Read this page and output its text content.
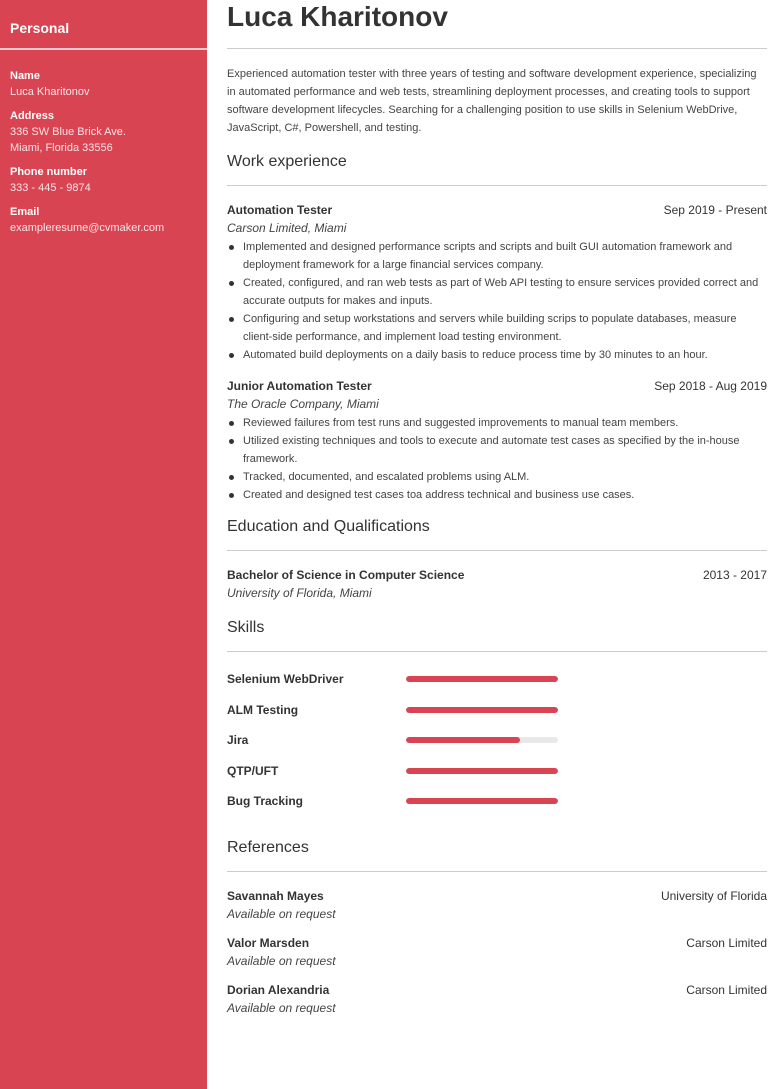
Personal
Name
Luca Kharitonov
Address
336 SW Blue Brick Ave.
Miami, Florida 33556
Phone number
333 - 445 - 9874
Email
exampleresume@cvmaker.com
Luca Kharitonov

Experienced automation tester with three years of testing and software development experience, specializing in automated performance and web tests, streamlining deployment processes, and creating tools to support software development lifecycles. Searching for a challenging position to use skills in Selenium WebDrive, JavaScript, C#, Powershell, and testing.

Work experience
Automation Tester	Sep 2019 - Present
Carson Limited, Miami
Implemented and designed performance scripts and scripts and built GUI automation framework and deployment framework for a large financial services company.
Created, configured, and ran web tests as part of Web API testing to ensure services provided correct and accurate outputs for makes and inputs.
Configuring and setup workstations and servers while building scrips to populate databases, measure client-side performance, and implement load testing environment.
Automated build deployments on a daily basis to reduce process time by 30 minutes to an hour.
Junior Automation Tester	Sep 2018 - Aug 2019
The Oracle Company, Miami
Reviewed failures from test runs and suggested improvements to manual team members.
Utilized existing techniques and tools to execute and automate test cases as specified by the in-house framework.
Tracked, documented, and escalated problems using ALM.
Created and designed test cases toa address technical and business use cases.
Education and Qualifications
Bachelor of Science in Computer Science	2013 - 2017
University of Florida, Miami
Skills
Selenium WebDriver
ALM Testing
Jira
QTP/UFT
Bug Tracking
References
Savannah Mayes	University of Florida
Available on request
Valor Marsden	Carson Limited
Available on request
Dorian Alexandria	Carson Limited
Available on request
